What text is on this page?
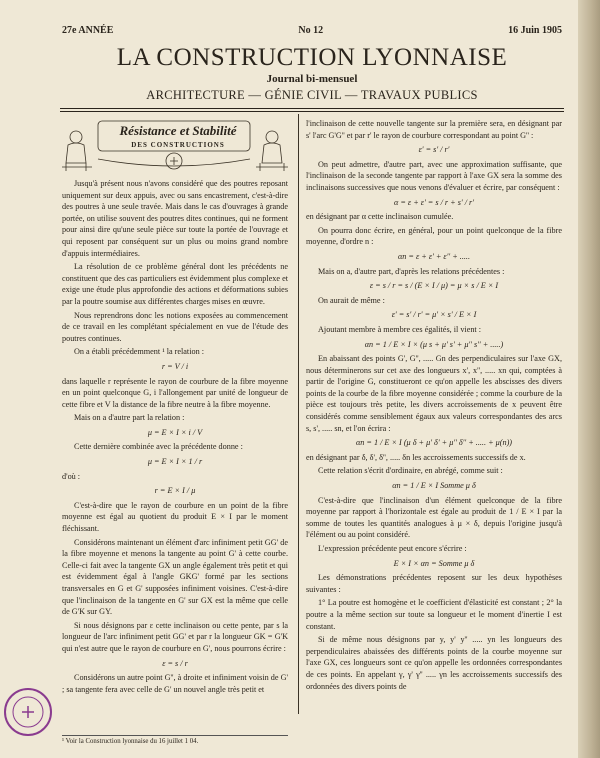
27e ANNÉE	No 12	16 Juin 1905
LA CONSTRUCTION LYONNAISE
Journal bi-mensuel
ARCHITECTURE — GÉNIE CIVIL — TRAVAUX PUBLICS
Résistance et Stabilité
DES CONSTRUCTIONS

Jusqu'à présent nous n'avons considéré que des poutres reposant uniquement sur deux appuis, avec ou sans encastrement, c'est-à-dire des poutres à une seule travée. Mais dans le cas d'ouvrages à grande portée, on utilise souvent des poutres dites continues, qui ne forment pour ainsi dire qu'une seule pièce sur toute la portée de l'ouvrage et qui reposent par conséquent sur un plus ou moins grand nombre d'appuis intermédiaires.

La résolution de ce problème général dont les précédents ne constituent que des cas particuliers est évidemment plus complexe et exige une étude plus approfondie des actions et déformations subies par la poutre soumise aux différentes charges mises en œuvre.

Nous reprendrons donc les notions exposées au commencement de ce travail en les complétant spécialement en vue de l'étude des poutres continues.

On a établi précédemment ¹ la relation :

r = V / i

dans laquelle r représente le rayon de courbure de la fibre moyenne en un point quelconque G, i l'allongement par unité de longueur de cette fibre et V la distance de la fibre neutre à la fibre moyenne.

Mais on a d'autre part la relation :

μ = E × I × i / V

Cette dernière combinée avec la précédente donne :

μ = E × I × 1 / r

d'où :

r = E × I / μ

C'est-à-dire que le rayon de courbure en un point de la fibre moyenne est égal au quotient du produit E × I par le moment fléchissant.

Considérons maintenant un élément d'arc infiniment petit GG' de la fibre moyenne et menons la tangente au point G' à cette courbe. Celle-ci fait avec la tangente GX un angle également très petit et qui est évidemment égal à l'angle GKG' formé par les sections transversales en G et G' supposées infiniment voisines. C'est-à-dire que l'inclinaison de la tangente en G' sur GX est la même que celle de G'K sur GY.

Si nous désignons par ε cette inclinaison ou cette pente, par s la longueur de l'arc infiniment petit GG' et par r la longueur GK = G'K qui n'est autre que le rayon de courbure en G', nous pourrons écrire :

ε = s / r

Considérons un autre point G'', à droite et infiniment voisin de G' ; sa tangente fera avec celle de G' un nouvel angle très petit et

¹ Voir la Construction lyonnaise du 16 juillet 1 04.

l'inclinaison de cette nouvelle tangente sur la première sera, en désignant par s' l'arc G'G'' et par r' le rayon de courbure correspondant au point G'' :

ε' = s' / r'

On peut admettre, d'autre part, avec une approximation suffisante, que l'inclinaison de la seconde tangente par rapport à l'axe GX sera la somme des inclinaisons successives que nous venons d'évaluer et écrire, par conséquent :

α = ε + ε' = s / r + s' / r'

en désignant par α cette inclinaison cumulée.

On pourra donc écrire, en général, pour un point quelconque de la fibre moyenne, d'ordre n :

αn = ε + ε' + ε'' + .....

Mais on a, d'autre part, d'après les relations précédentes :

ε = s / r = s / (E × I / μ) = μ × s / E × I

On aurait de même :

ε' = s' / r' = μ' × s' / E × I

Ajoutant membre à membre ces égalités, il vient :

αn = 1 / E × I × (μ s + μ' s' + μ'' s'' + .....)

En abaissant des points G', G'', ..... Gn des perpendiculaires sur l'axe GX, nous déterminerons sur cet axe des longueurs x', x'', ..... xn qui, comptées à partir de l'origine G, constitueront ce qu'on appelle les abscisses des divers points de la courbe de la fibre moyenne considérée ; comme la courbure de la pièce est toujours très petite, les divers accroissements de x peuvent être considérés comme sensiblement égaux aux valeurs correspondantes des arcs s, s', ..... sn, et l'on écrira :

αn = 1 / E × I (μ δ + μ' δ' + μ'' δ'' + ..... + μ(n))

en désignant par δ, δ', δ'', ..... δn les accroissements successifs de x.

Cette relation s'écrit d'ordinaire, en abrégé, comme suit :

αn = 1 / E × I Somme μ δ

C'est-à-dire que l'inclinaison d'un élément quelconque de la fibre moyenne par rapport à l'horizontale est égale au produit de 1 / E × I par la somme de toutes les quantités analogues à μ × δ, depuis l'origine jusqu'à l'élément ou au point considéré.

L'expression précédente peut encore s'écrire :

E × I × αn = Somme μ δ

Les démonstrations précédentes reposent sur les deux hypothèses suivantes :

1° La poutre est homogène et le coefficient d'élasticité est constant ; 2° la poutre a la même section sur toute sa longueur et le moment d'inertie I est constant.

Si de même nous désignons par y, y' y'' ..... yn les longueurs des perpendiculaires abaissées des différents points de la courbe moyenne sur l'axe GX, ces longueurs sont ce qu'on appelle les ordonnées correspondantes de ces points. En appelant γ, γ' γ'' ..... γn les accroissements successifs des ordonnées des divers points de
